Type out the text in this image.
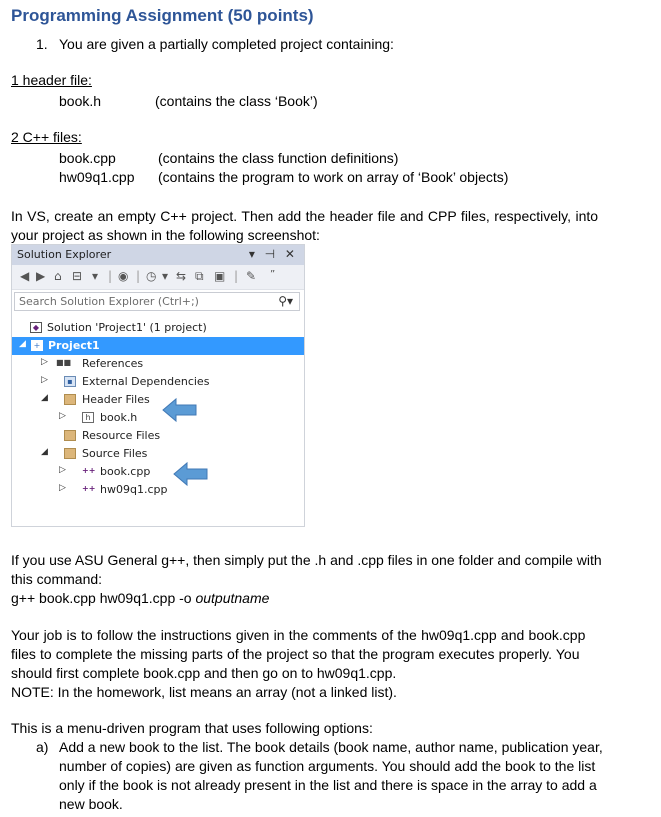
Programming Assignment (50 points)
1. You are given a partially completed project containing:
1 header file:
book.h	(contains the class ‘Book’)
2 C++ files:
book.cpp	(contains the class function definitions)
hw09q1.cpp (contains the program to work on array of ‘Book’ objects)
In VS, create an empty C++ project. Then add the header file and CPP files, respectively, into
your project as shown in the following screenshot:
Solution Explorer	▾ ⊣ ✕
◀ ▶ ⌂ ⊟ ▾ | ◉ | ◷ ▾ ⇆ ⧉ ▣ | ✎ ”
Search Solution Explorer (Ctrl+;)	⚲▾
◆ Solution 'Project1' (1 project)
◢ + Project1
▷ ■■ References
▷	▪ External Dependencies
◢	Header Files
▷	h book.h
Resource Files
◢	Source Files
▷ ++ book.cpp
▷ ++ hw09q1.cpp
If you use ASU General g++, then simply put the .h and .cpp files in one folder and compile with
this command:
g++ book.cpp hw09q1.cpp -o outputname
Your job is to follow the instructions given in the comments of the hw09q1.cpp and book.cpp
files to complete the missing parts of the project so that the program executes properly. You
should first complete book.cpp and then go on to hw09q1.cpp.
NOTE: In the homework, list means an array (not a linked list).
This is a menu-driven program that uses following options:
a) Add a new book to the list. The book details (book name, author name, publication year,
number of copies) are given as function arguments. You should add the book to the list
only if the book is not already present in the list and there is space in the array to add a
new book.
